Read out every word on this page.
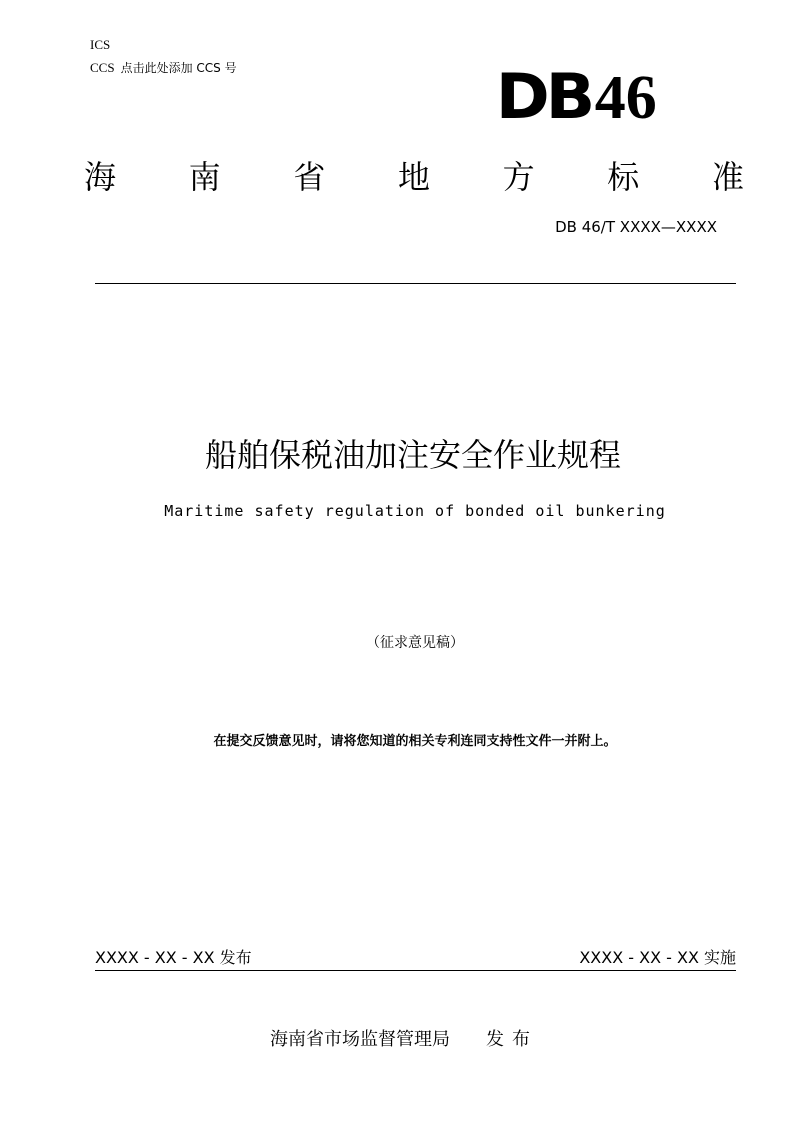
ICS
CCS 点击此处添加 CCS 号	DB46
海 南 省 地 方 标 准
DB 46/T XXXX—XXXX
船舶保税油加注安全作业规程
Maritime safety regulation of bonded oil bunkering
（征求意见稿）
在提交反馈意见时，请将您知道的相关专利连同支持性文件一并附上。
XXXX - XX - XX 发布	XXXX - XX - XX 实施
海南省市场监督管理局 发布
